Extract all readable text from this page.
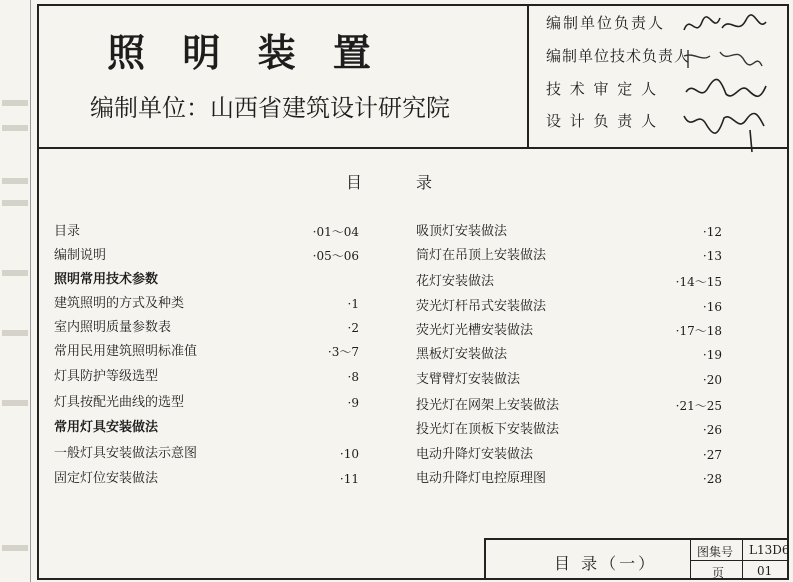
照 明 装 置
编制单位：山西省建筑设计研究院
编制单位负责人
编制单位技术负责人
技 术 审 定 人
设 计 负 责 人
目	录
目录	·01～04
编制说明	·05～06
照明常用技术参数
建筑照明的方式及种类	·1
室内照明质量参数表	·2
常用民用建筑照明标准值	·3～7
灯具防护等级选型	·8
灯具按配光曲线的选型	·9
常用灯具安装做法
一般灯具安装做法示意图	·10
固定灯位安装做法	·11
吸顶灯安装做法	·12
筒灯在吊顶上安装做法	·13
花灯安装做法	·14～15
荧光灯杆吊式安装做法	·16
荧光灯光槽安装做法	·17～18
黑板灯安装做法	·19
支臂臂灯安装做法	·20
投光灯在网架上安装做法	·21～25
投光灯在顶板下安装做法	·26
电动升降灯安装做法	·27
电动升降灯电控原理图	·28
目 录（一）
图集号 L13D6
页	01
